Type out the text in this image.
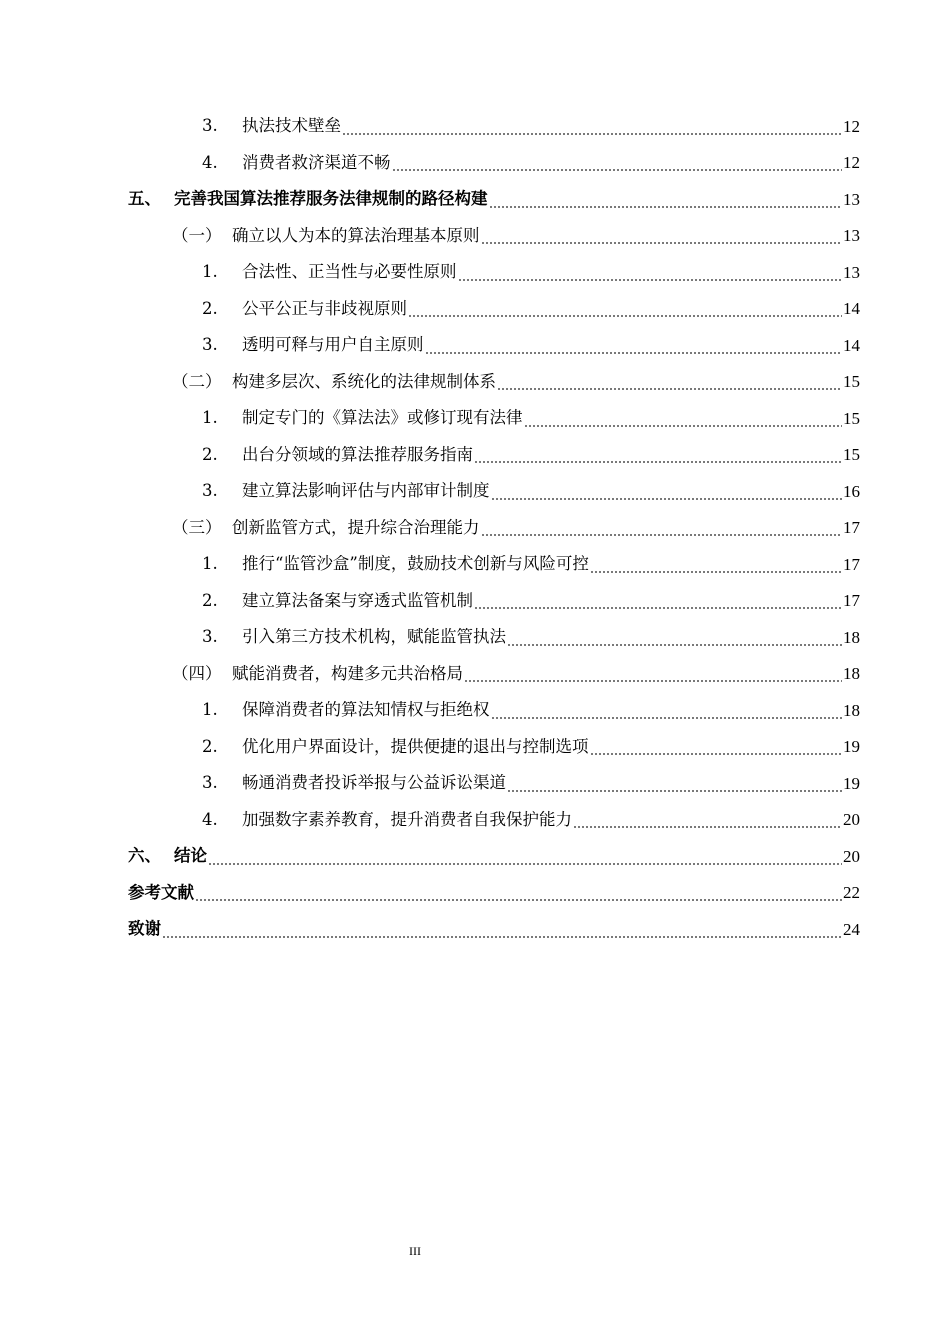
3.	执法技术壁垒	12
4.	消费者救济渠道不畅	12
五、 完善我国算法推荐服务法律规制的路径构建	13
（一） 确立以人为本的算法治理基本原则	13
1.	合法性、正当性与必要性原则	13
2.	公平公正与非歧视原则	14
3.	透明可释与用户自主原则	14
（二） 构建多层次、系统化的法律规制体系	15
1.	制定专门的《算法法》或修订现有法律	15
2.	出台分领域的算法推荐服务指南	15
3.	建立算法影响评估与内部审计制度	16
（三） 创新监管方式，提升综合治理能力	17
1.	推行“监管沙盒”制度，鼓励技术创新与风险可控	17
2.	建立算法备案与穿透式监管机制	17
3.	引入第三方技术机构，赋能监管执法	18
（四） 赋能消费者，构建多元共治格局	18
1.	保障消费者的算法知情权与拒绝权	18
2.	优化用户界面设计，提供便捷的退出与控制选项	19
3.	畅通消费者投诉举报与公益诉讼渠道	19
4.	加强数字素养教育，提升消费者自我保护能力	20
六、 结论	20
参考文献	22
致谢	24
III
